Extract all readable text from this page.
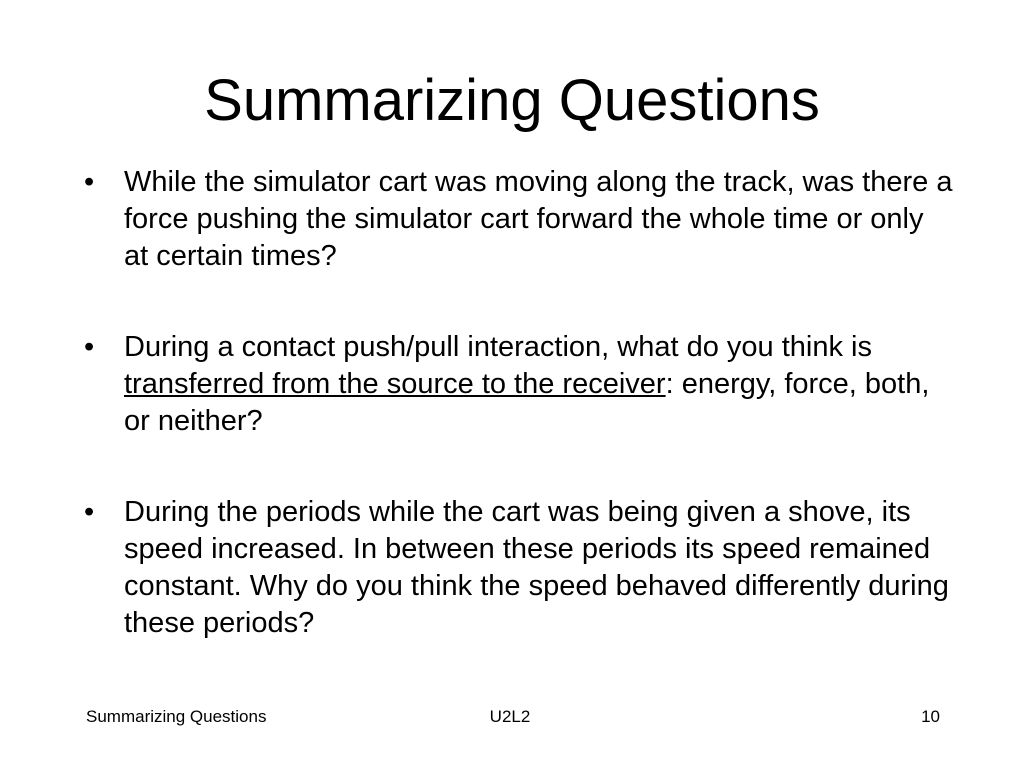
Summarizing Questions
•	While the simulator cart was moving along the track, was there a force pushing the simulator cart forward the whole time or only at certain times?
•	During a contact push/pull interaction, what do you think is transferred from the source to the receiver: energy, force, both, or neither?
•	During the periods while the cart was being given a shove, its speed increased. In between these periods its speed remained constant. Why do you think the speed behaved differently during these periods?
Summarizing Questions	U2L2	10
